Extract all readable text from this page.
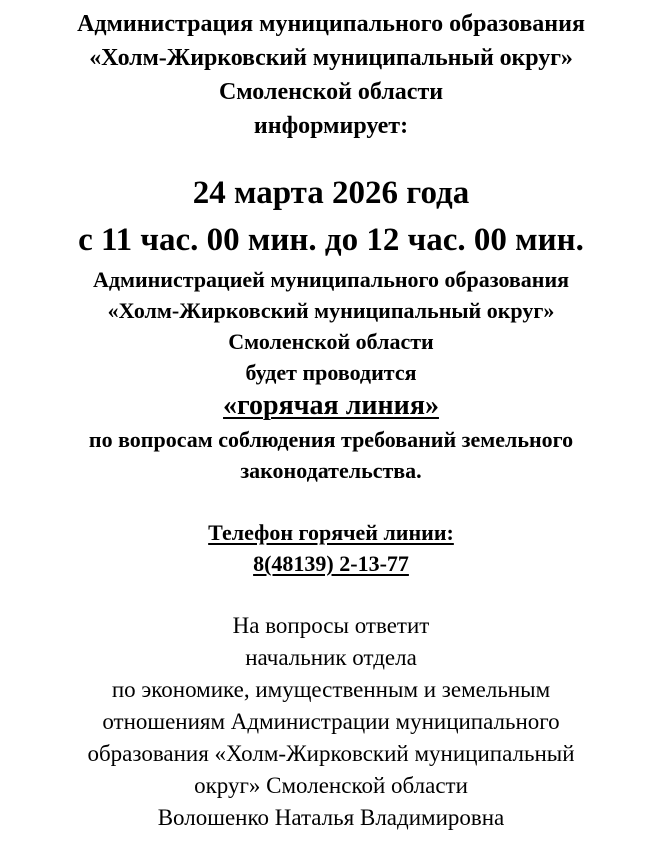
Администрация муниципального образования
«Холм-Жирковский муниципальный округ»
Смоленской области
информирует:
24 марта 2026 года
с 11 час. 00 мин. до 12 час. 00 мин.
Администрацией муниципального образования
«Холм-Жирковский муниципальный округ»
Смоленской области
будет проводится
«горячая линия»
по вопросам соблюдения требований земельного
законодательства.
Телефон горячей линии:
8(48139) 2-13-77
На вопросы ответит
начальник отдела
по экономике, имущественным и земельным
отношениям Администрации муниципального
образования «Холм-Жирковский муниципальный
округ» Смоленской области
Волошенко Наталья Владимировна
